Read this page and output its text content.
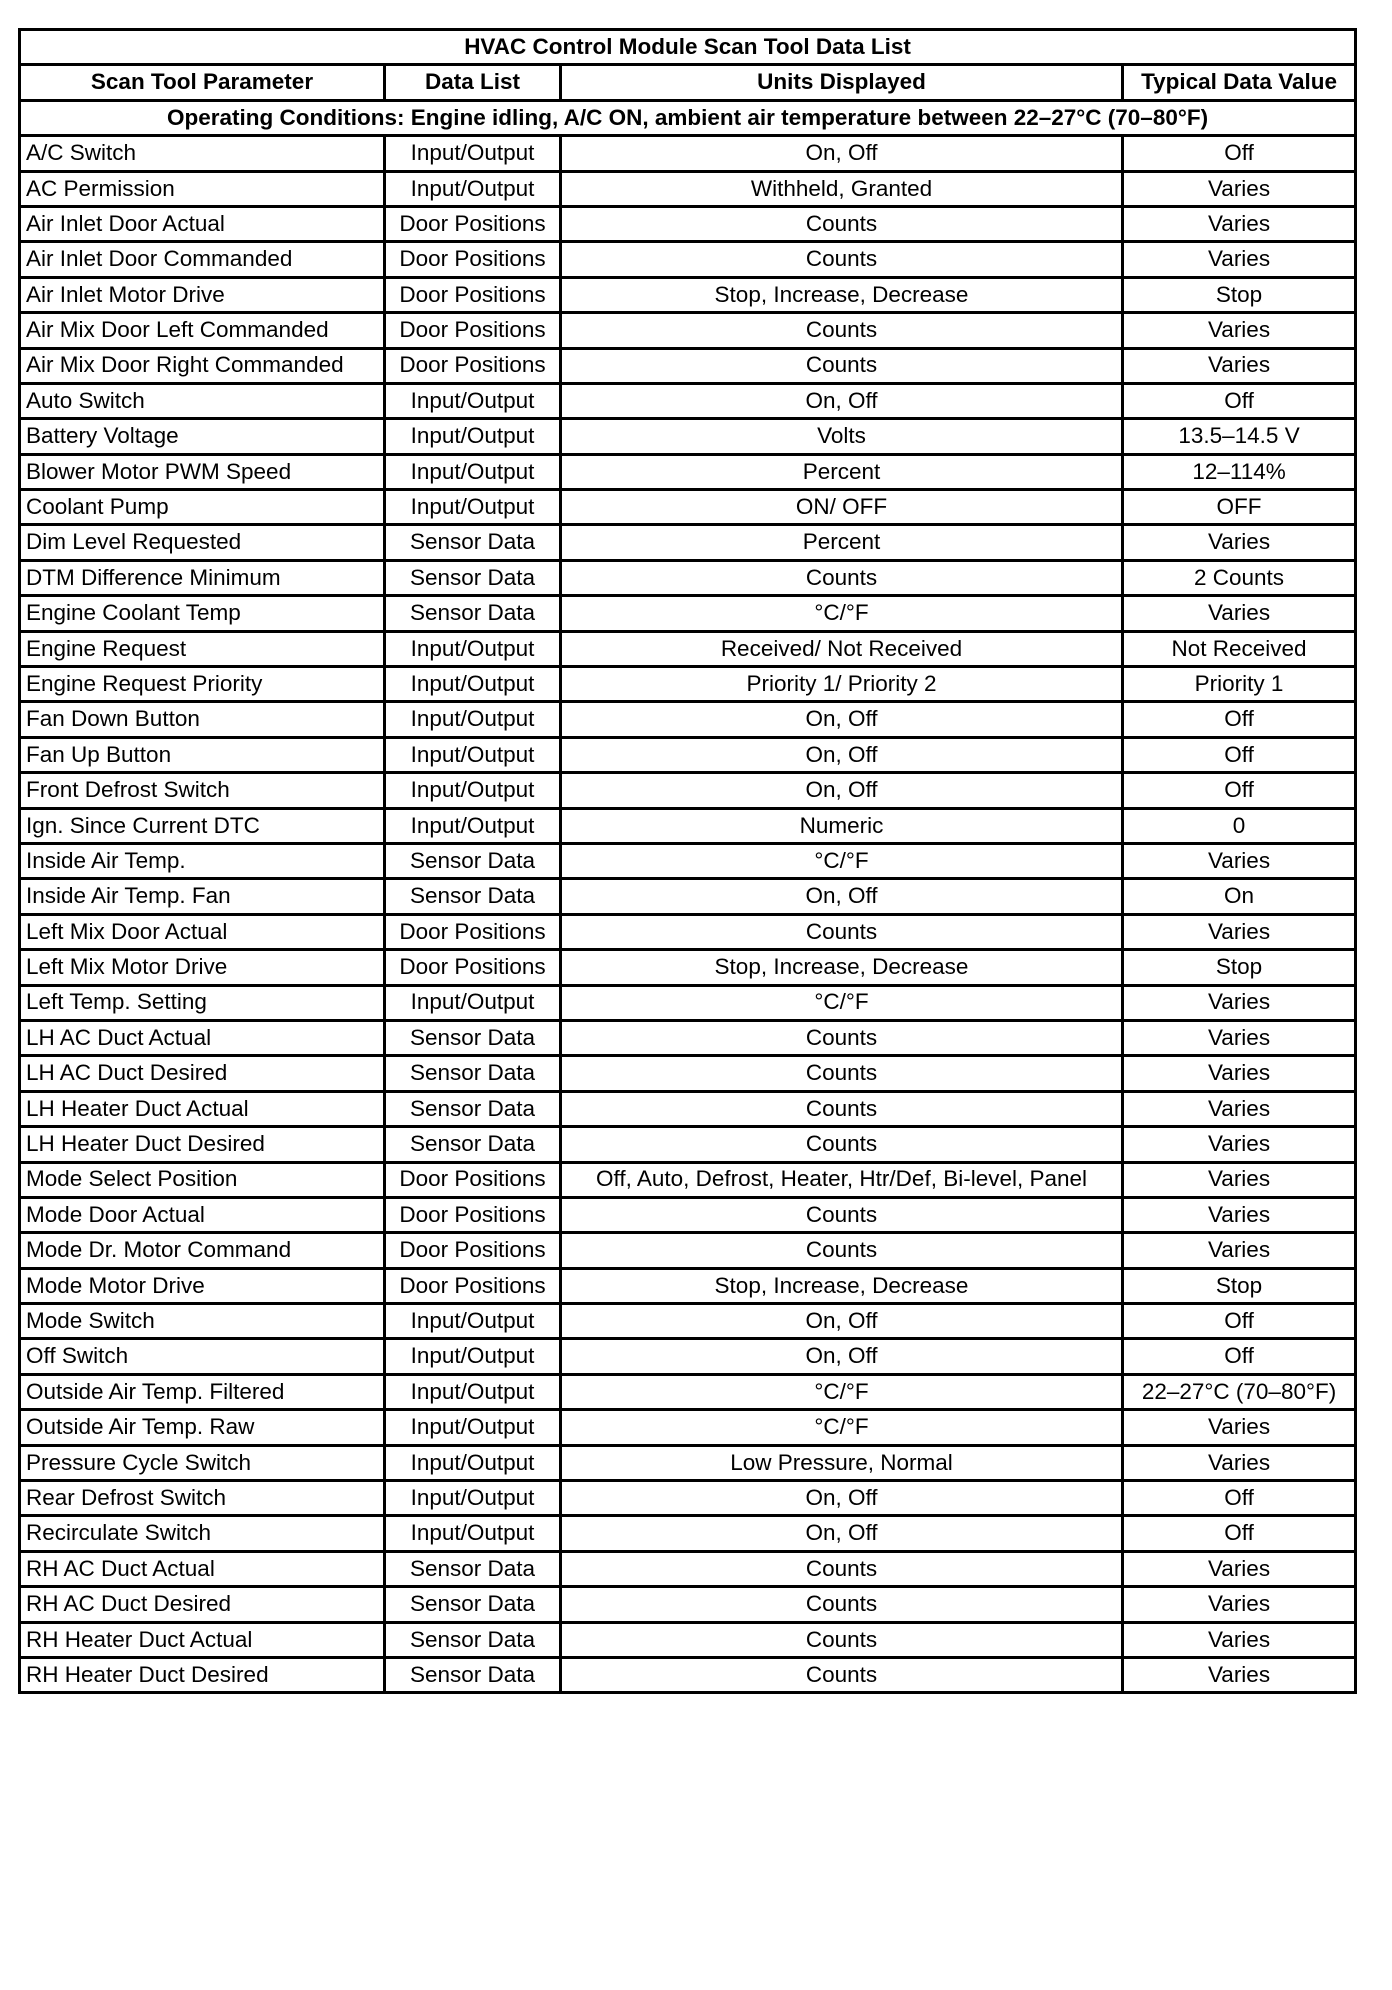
HVAC Control Module Scan Tool Data List			
Scan Tool Parameter	Data List	Units Displayed	Typical Data Value
Operating Conditions: Engine idling, A/C ON, ambient air temperature between 22–27°C (70–80°F)			
A/C Switch	Input/Output	On, Off	Off
AC Permission	Input/Output	Withheld, Granted	Varies
Air Inlet Door Actual	Door Positions	Counts	Varies
Air Inlet Door Commanded	Door Positions	Counts	Varies
Air Inlet Motor Drive	Door Positions	Stop, Increase, Decrease	Stop
Air Mix Door Left Commanded	Door Positions	Counts	Varies
Air Mix Door Right Commanded	Door Positions	Counts	Varies
Auto Switch	Input/Output	On, Off	Off
Battery Voltage	Input/Output	Volts	13.5–14.5 V
Blower Motor PWM Speed	Input/Output	Percent	12–114%
Coolant Pump	Input/Output	ON/ OFF	OFF
Dim Level Requested	Sensor Data	Percent	Varies
DTM Difference Minimum	Sensor Data	Counts	2 Counts
Engine Coolant Temp	Sensor Data	°C/°F	Varies
Engine Request	Input/Output	Received/ Not Received	Not Received
Engine Request Priority	Input/Output	Priority 1/ Priority 2	Priority 1
Fan Down Button	Input/Output	On, Off	Off
Fan Up Button	Input/Output	On, Off	Off
Front Defrost Switch	Input/Output	On, Off	Off
Ign. Since Current DTC	Input/Output	Numeric	0
Inside Air Temp.	Sensor Data	°C/°F	Varies
Inside Air Temp. Fan	Sensor Data	On, Off	On
Left Mix Door Actual	Door Positions	Counts	Varies
Left Mix Motor Drive	Door Positions	Stop, Increase, Decrease	Stop
Left Temp. Setting	Input/Output	°C/°F	Varies
LH AC Duct Actual	Sensor Data	Counts	Varies
LH AC Duct Desired	Sensor Data	Counts	Varies
LH Heater Duct Actual	Sensor Data	Counts	Varies
LH Heater Duct Desired	Sensor Data	Counts	Varies
Mode Select Position	Door Positions	Off, Auto, Defrost, Heater, Htr/Def, Bi-level, Panel	Varies
Mode Door Actual	Door Positions	Counts	Varies
Mode Dr. Motor Command	Door Positions	Counts	Varies
Mode Motor Drive	Door Positions	Stop, Increase, Decrease	Stop
Mode Switch	Input/Output	On, Off	Off
Off Switch	Input/Output	On, Off	Off
Outside Air Temp. Filtered	Input/Output	°C/°F	22–27°C (70–80°F)
Outside Air Temp. Raw	Input/Output	°C/°F	Varies
Pressure Cycle Switch	Input/Output	Low Pressure, Normal	Varies
Rear Defrost Switch	Input/Output	On, Off	Off
Recirculate Switch	Input/Output	On, Off	Off
RH AC Duct Actual	Sensor Data	Counts	Varies
RH AC Duct Desired	Sensor Data	Counts	Varies
RH Heater Duct Actual	Sensor Data	Counts	Varies
RH Heater Duct Desired	Sensor Data	Counts	Varies
